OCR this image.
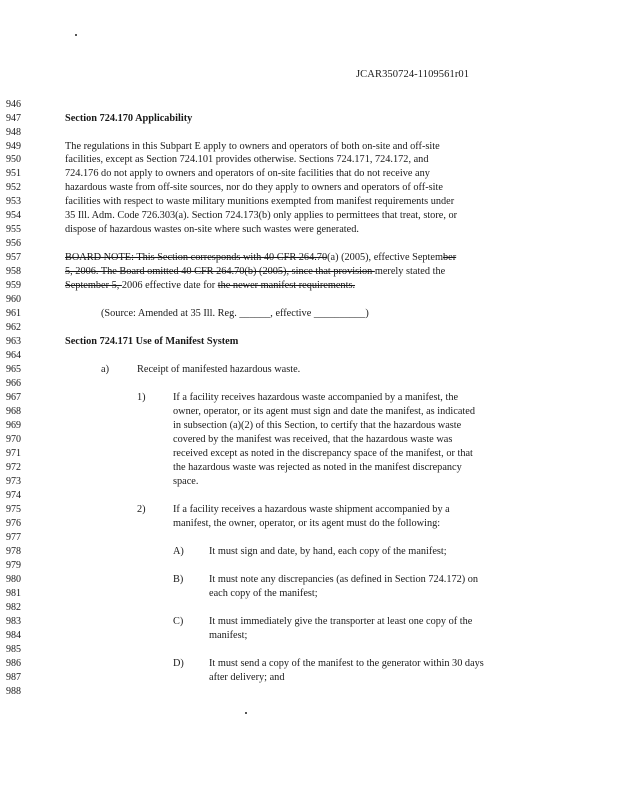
JCAR350724-1109561r01
946
947
948
949
950
951
952
953
954
955
956
957
958
959
960
961
962
963
964
965
966
967
968
969
970
971
972
973
974
975
976
977
978
979
980
981
982
983
984
985
986
987
988
Section 724.170 Applicability
The regulations in this Subpart E apply to owners and operators of both on-site and off-site
facilities, except as Section 724.101 provides otherwise. Sections 724.171, 724.172, and
724.176 do not apply to owners and operators of on-site facilities that do not receive any
hazardous waste from off-site sources, nor do they apply to owners and operators of off-site
facilities with respect to waste military munitions exempted from manifest requirements under
35 Ill. Adm. Code 726.303(a). Section 724.173(b) only applies to permittees that treat, store, or
dispose of hazardous wastes on-site where such wastes were generated.
BOARD NOTE: This Section corresponds with 40 CFR 264.70(a) (2005), effective September
5, 2006. The Board omitted 40 CFR 264.70(b) (2005), since that provision merely stated the
September 5, 2006 effective date for the newer manifest requirements.
(Source: Amended at 35 Ill. Reg. ______, effective __________)
Section 724.171 Use of Manifest System
a)	Receipt of manifested hazardous waste.
1)	If a facility receives hazardous waste accompanied by a manifest, the
owner, operator, or its agent must sign and date the manifest, as indicated
in subsection (a)(2) of this Section, to certify that the hazardous waste
covered by the manifest was received, that the hazardous waste was
received except as noted in the discrepancy space of the manifest, or that
the hazardous waste was rejected as noted in the manifest discrepancy
space.
2)	If a facility receives a hazardous waste shipment accompanied by a
manifest, the owner, operator, or its agent must do the following:
A) It must sign and date, by hand, each copy of the manifest;
B) It must note any discrepancies (as defined in Section 724.172) on
each copy of the manifest;
C) It must immediately give the transporter at least one copy of the
manifest;
D) It must send a copy of the manifest to the generator within 30 days
after delivery; and
